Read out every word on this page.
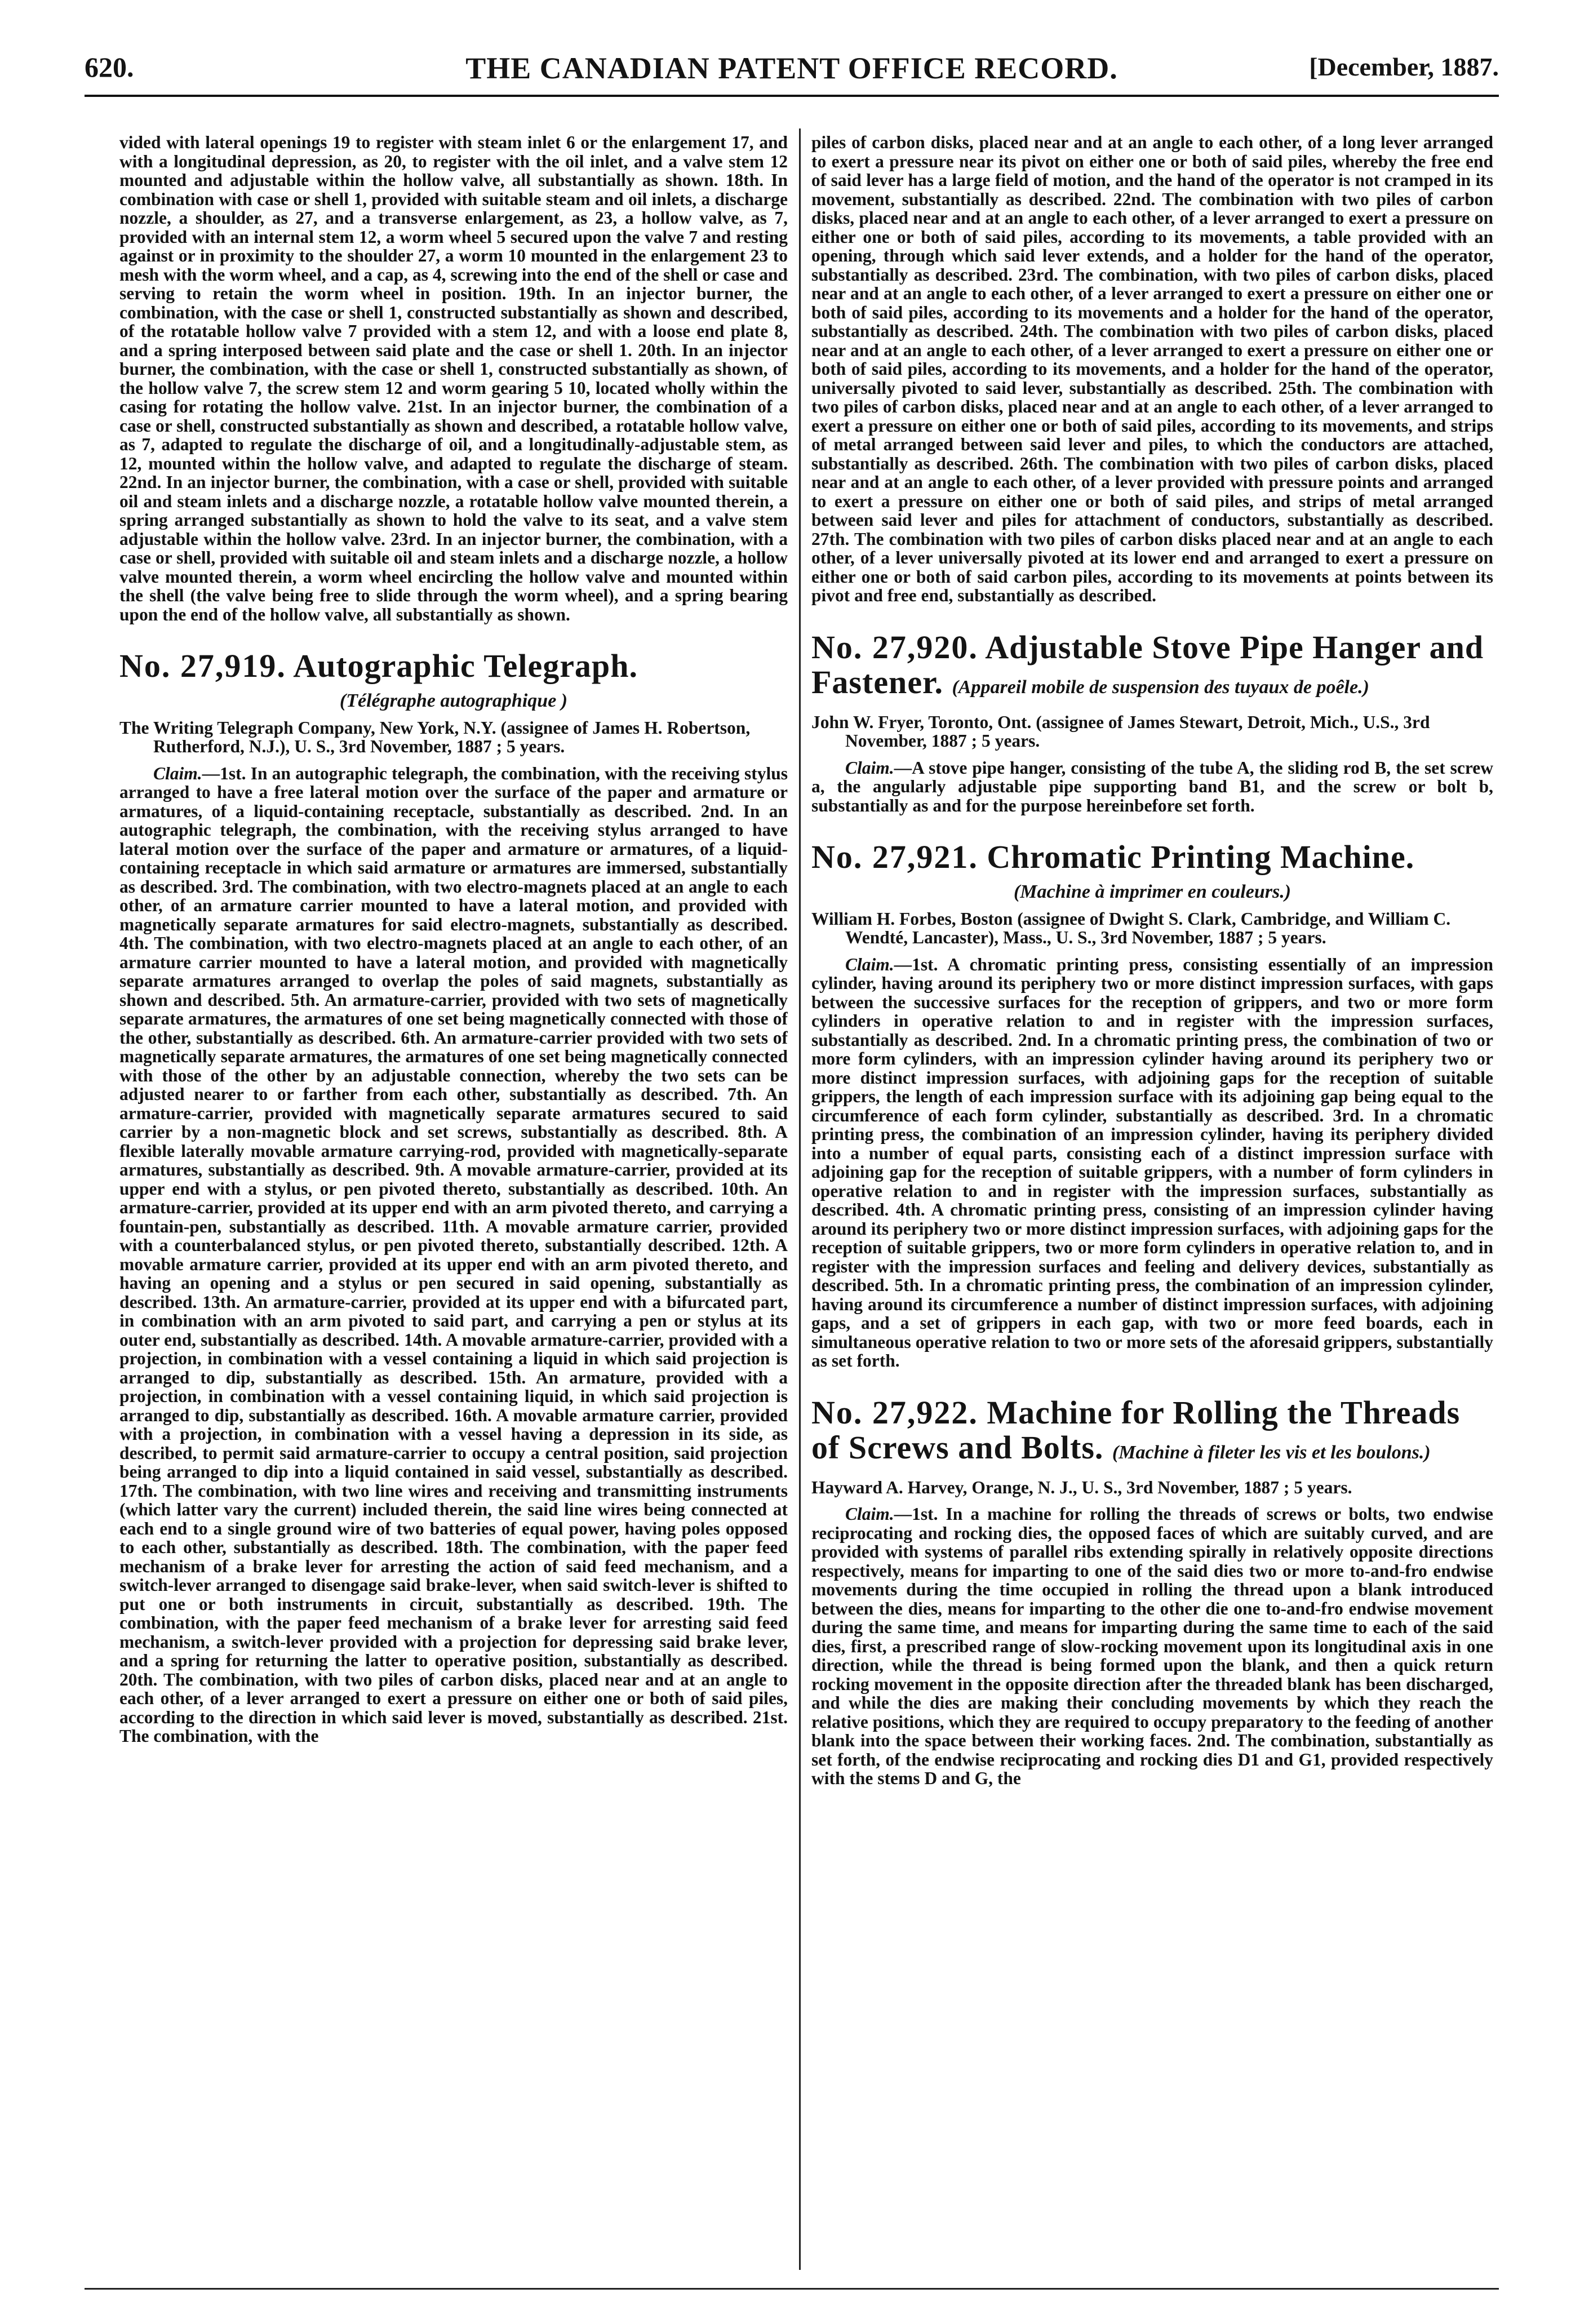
620.	THE CANADIAN PATENT OFFICE RECORD.	[December, 1887.

vided with lateral openings 19 to register with steam inlet 6 or the enlargement 17, and with a longitudinal depression, as 20, to register with the oil inlet, and a valve stem 12 mounted and adjustable within the hollow valve, all substantially as shown. 18th. In combination with case or shell 1, provided with suitable steam and oil inlets, a discharge nozzle, a shoulder, as 27, and a transverse enlargement, as 23, a hollow valve, as 7, provided with an internal stem 12, a worm wheel 5 secured upon the valve 7 and resting against or in proximity to the shoulder 27, a worm 10 mounted in the enlargement 23 to mesh with the worm wheel, and a cap, as 4, screwing into the end of the shell or case and serving to retain the worm wheel in position. 19th. In an injector burner, the combination, with the case or shell 1, constructed substantially as shown and described, of the rotatable hollow valve 7 provided with a stem 12, and with a loose end plate 8, and a spring interposed between said plate and the case or shell 1. 20th. In an injector burner, the combination, with the case or shell 1, constructed substantially as shown, of the hollow valve 7, the screw stem 12 and worm gearing 5 10, located wholly within the casing for rotating the hollow valve. 21st. In an injector burner, the combination of a case or shell, constructed substantially as shown and described, a rotatable hollow valve, as 7, adapted to regulate the discharge of oil, and a longitudinally-adjustable stem, as 12, mounted within the hollow valve, and adapted to regulate the discharge of steam. 22nd. In an injector burner, the combination, with a case or shell, provided with suitable oil and steam inlets and a discharge nozzle, a rotatable hollow valve mounted therein, a spring arranged substantially as shown to hold the valve to its seat, and a valve stem adjustable within the hollow valve. 23rd. In an injector burner, the combination, with a case or shell, provided with suitable oil and steam inlets and a discharge nozzle, a hollow valve mounted therein, a worm wheel encircling the hollow valve and mounted within the shell (the valve being free to slide through the worm wheel), and a spring bearing upon the end of the hollow valve, all substantially as shown.

No. 27,919. Autographic Telegraph.
(Télégraphe autographique )

The Writing Telegraph Company, New York, N.Y. (assignee of James H. Robertson, Rutherford, N.J.), U. S., 3rd November, 1887 ; 5 years.

Claim.—1st. In an autographic telegraph, the combination, with the receiving stylus arranged to have a free lateral motion over the surface of the paper and armature or armatures, of a liquid-containing receptacle, substantially as described. 2nd. In an autographic telegraph, the combination, with the receiving stylus arranged to have lateral motion over the surface of the paper and armature or armatures, of a liquid-containing receptacle in which said armature or armatures are immersed, substantially as described. 3rd. The combination, with two electro-magnets placed at an angle to each other, of an armature carrier mounted to have a lateral motion, and provided with magnetically separate armatures for said electro-magnets, substantially as described. 4th. The combination, with two electro-magnets placed at an angle to each other, of an armature carrier mounted to have a lateral motion, and provided with magnetically separate armatures arranged to overlap the poles of said magnets, substantially as shown and described. 5th. An armature-carrier, provided with two sets of magnetically separate armatures, the armatures of one set being magnetically connected with those of the other, substantially as described. 6th. An armature-carrier provided with two sets of magnetically separate armatures, the armatures of one set being magnetically connected with those of the other by an adjustable connection, whereby the two sets can be adjusted nearer to or farther from each other, substantially as described. 7th. An armature-carrier, provided with magnetically separate armatures secured to said carrier by a non-magnetic block and set screws, substantially as described. 8th. A flexible laterally movable armature carrying-rod, provided with magnetically-separate armatures, substantially as described. 9th. A movable armature-carrier, provided at its upper end with a stylus, or pen pivoted thereto, substantially as described. 10th. An armature-carrier, provided at its upper end with an arm pivoted thereto, and carrying a fountain-pen, substantially as described. 11th. A movable armature carrier, provided with a counterbalanced stylus, or pen pivoted thereto, substantially described. 12th. A movable armature carrier, provided at its upper end with an arm pivoted thereto, and having an opening and a stylus or pen secured in said opening, substantially as described. 13th. An armature-carrier, provided at its upper end with a bifurcated part, in combination with an arm pivoted to said part, and carrying a pen or stylus at its outer end, substantially as described. 14th. A movable armature-carrier, provided with a projection, in combination with a vessel containing a liquid in which said projection is arranged to dip, substantially as described. 15th. An armature, provided with a projection, in combination with a vessel containing liquid, in which said projection is arranged to dip, substantially as described. 16th. A movable armature carrier, provided with a projection, in combination with a vessel having a depression in its side, as described, to permit said armature-carrier to occupy a central position, said projection being arranged to dip into a liquid contained in said vessel, substantially as described. 17th. The combination, with two line wires and receiving and transmitting instruments (which latter vary the current) included therein, the said line wires being connected at each end to a single ground wire of two batteries of equal power, having poles opposed to each other, substantially as described. 18th. The combination, with the paper feed mechanism of a brake lever for arresting the action of said feed mechanism, and a switch-lever arranged to disengage said brake-lever, when said switch-lever is shifted to put one or both instruments in circuit, substantially as described. 19th. The combination, with the paper feed mechanism of a brake lever for arresting said feed mechanism, a switch-lever provided with a projection for depressing said brake lever, and a spring for returning the latter to operative position, substantially as described. 20th. The combination, with two piles of carbon disks, placed near and at an angle to each other, of a lever arranged to exert a pressure on either one or both of said piles, according to the direction in which said lever is moved, substantially as described. 21st. The combination, with the

piles of carbon disks, placed near and at an angle to each other, of a long lever arranged to exert a pressure near its pivot on either one or both of said piles, whereby the free end of said lever has a large field of motion, and the hand of the operator is not cramped in its movement, substantially as described. 22nd. The combination with two piles of carbon disks, placed near and at an angle to each other, of a lever arranged to exert a pressure on either one or both of said piles, according to its movements, a table provided with an opening, through which said lever extends, and a holder for the hand of the operator, substantially as described. 23rd. The combination, with two piles of carbon disks, placed near and at an angle to each other, of a lever arranged to exert a pressure on either one or both of said piles, according to its movements and a holder for the hand of the operator, substantially as described. 24th. The combination with two piles of carbon disks, placed near and at an angle to each other, of a lever arranged to exert a pressure on either one or both of said piles, according to its movements, and a holder for the hand of the operator, universally pivoted to said lever, substantially as described. 25th. The combination with two piles of carbon disks, placed near and at an angle to each other, of a lever arranged to exert a pressure on either one or both of said piles, according to its movements, and strips of metal arranged between said lever and piles, to which the conductors are attached, substantially as described. 26th. The combination with two piles of carbon disks, placed near and at an angle to each other, of a lever provided with pressure points and arranged to exert a pressure on either one or both of said piles, and strips of metal arranged between said lever and piles for attachment of conductors, substantially as described. 27th. The combination with two piles of carbon disks placed near and at an angle to each other, of a lever universally pivoted at its lower end and arranged to exert a pressure on either one or both of said carbon piles, according to its movements at points between its pivot and free end, substantially as described.

No. 27,920. Adjustable Stove Pipe Hanger and Fastener. (Appareil mobile de suspension des tuyaux de poêle.)

John W. Fryer, Toronto, Ont. (assignee of James Stewart, Detroit, Mich., U.S., 3rd November, 1887 ; 5 years.

Claim.—A stove pipe hanger, consisting of the tube A, the sliding rod B, the set screw a, the angularly adjustable pipe supporting band B1, and the screw or bolt b, substantially as and for the purpose hereinbefore set forth.

No. 27,921. Chromatic Printing Machine.
(Machine à imprimer en couleurs.)

William H. Forbes, Boston (assignee of Dwight S. Clark, Cambridge, and William C. Wendté, Lancaster), Mass., U. S., 3rd November, 1887 ; 5 years.

Claim.—1st. A chromatic printing press, consisting essentially of an impression cylinder, having around its periphery two or more distinct impression surfaces, with gaps between the successive surfaces for the reception of grippers, and two or more form cylinders in operative relation to and in register with the impression surfaces, substantially as described. 2nd. In a chromatic printing press, the combination of two or more form cylinders, with an impression cylinder having around its periphery two or more distinct impression surfaces, with adjoining gaps for the reception of suitable grippers, the length of each impression surface with its adjoining gap being equal to the circumference of each form cylinder, substantially as described. 3rd. In a chromatic printing press, the combination of an impression cylinder, having its periphery divided into a number of equal parts, consisting each of a distinct impression surface with adjoining gap for the reception of suitable grippers, with a number of form cylinders in operative relation to and in register with the impression surfaces, substantially as described. 4th. A chromatic printing press, consisting of an impression cylinder having around its periphery two or more distinct impression surfaces, with adjoining gaps for the reception of suitable grippers, two or more form cylinders in operative relation to, and in register with the impression surfaces and feeling and delivery devices, substantially as described. 5th. In a chromatic printing press, the combination of an impression cylinder, having around its circumference a number of distinct impression surfaces, with adjoining gaps, and a set of grippers in each gap, with two or more feed boards, each in simultaneous operative relation to two or more sets of the aforesaid grippers, substantially as set forth.

No. 27,922. Machine for Rolling the Threads of Screws and Bolts. (Machine à fileter les vis et les boulons.)

Hayward A. Harvey, Orange, N. J., U. S., 3rd November, 1887 ; 5 years.

Claim.—1st. In a machine for rolling the threads of screws or bolts, two endwise reciprocating and rocking dies, the opposed faces of which are suitably curved, and are provided with systems of parallel ribs extending spirally in relatively opposite directions respectively, means for imparting to one of the said dies two or more to-and-fro endwise movements during the time occupied in rolling the thread upon a blank introduced between the dies, means for imparting to the other die one to-and-fro endwise movement during the same time, and means for imparting during the same time to each of the said dies, first, a prescribed range of slow-rocking movement upon its longitudinal axis in one direction, while the thread is being formed upon the blank, and then a quick return rocking movement in the opposite direction after the threaded blank has been discharged, and while the dies are making their concluding movements by which they reach the relative positions, which they are required to occupy preparatory to the feeding of another blank into the space between their working faces. 2nd. The combination, substantially as set forth, of the endwise reciprocating and rocking dies D1 and G1, provided respectively with the stems D and G, the
